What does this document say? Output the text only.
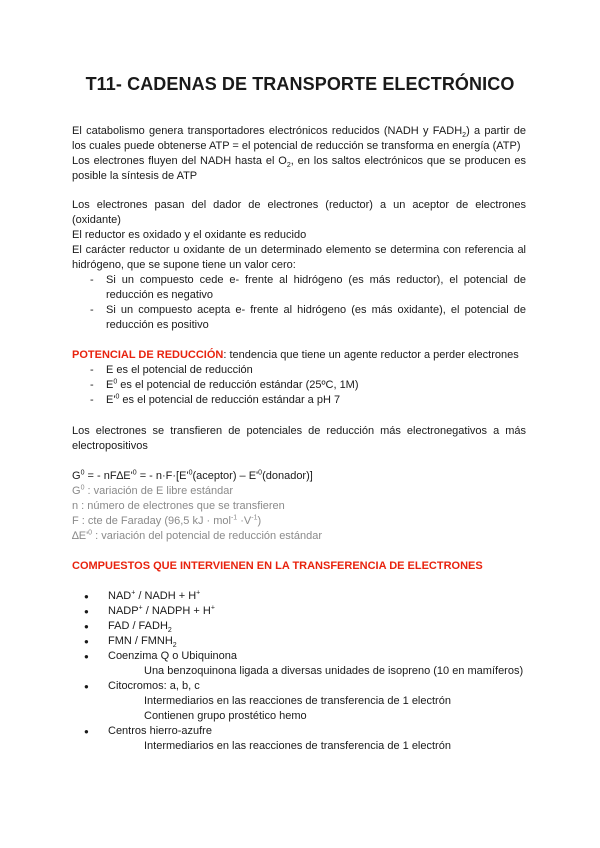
T11- CADENAS DE TRANSPORTE ELECTRÓNICO

El catabolismo genera transportadores electrónicos reducidos (NADH y $FADH_2$) a partir de los cuales puede obtenerse ATP = el potencial de reducción se transforma en energía (ATP)

Los electrones fluyen del NADH hasta el $O_2$, en los saltos electrónicos que se producen es posible la síntesis de ATP

Los electrones pasan del dador de electrones (reductor) a un aceptor de electrones (oxidante)

El reductor es oxidado y el oxidante es reducido

El carácter reductor u oxidante de un determinado elemento se determina con referencia al hidrógeno, que se supone tiene un valor cero:

- Si un compuesto cede e- frente al hidrógeno (es más reductor), el potencial de reducción es negativo
- Si un compuesto acepta e- frente al hidrógeno (es más oxidante), el potencial de reducción es positivo

POTENCIAL DE REDUCCIÓN: tendencia que tiene un agente reductor a perder electrones

- E es el potencial de reducción
- $E^0$ es el potencial de reducción estándar (25ºC, 1M)
- $E'^0$ es el potencial de reducción estándar a pH 7

Los electrones se transfieren de potenciales de reducción más electronegativos a más electropositivos

$G^0$ = - $nF\Delta E'^0$ = - $n\cdot F\cdot[E'^0(aceptor)$ – $E'^0(donador)$]

$G^0$ : variación de E libre estándar

n : número de electrones que se transfieren

F : cte de Faraday (96,5 kJ · $mol^{-1} \cdot V^{-1}$)

$\Delta E'^0$ : variación del potencial de reducción estándar

COMPUESTOS QUE INTERVIENEN EN LA TRANSFERENCIA DE ELECTRONES

● NAD+ / NADH + H+
● NADP+ / NADPH + H+
● FAD / $FADH_2$
● FMN / $FMNH_2$
● Coenzima Q o Ubiquinona

Una benzoquinona ligada a diversas unidades de isopreno (10 en mamíferos)

● Citocromos: a, b, c

Intermediarios en las reacciones de transferencia de 1 electrón

Contienen grupo prostético hemo

● Centros hierro-azufre

Intermediarios en las reacciones de transferencia de 1 electrón
